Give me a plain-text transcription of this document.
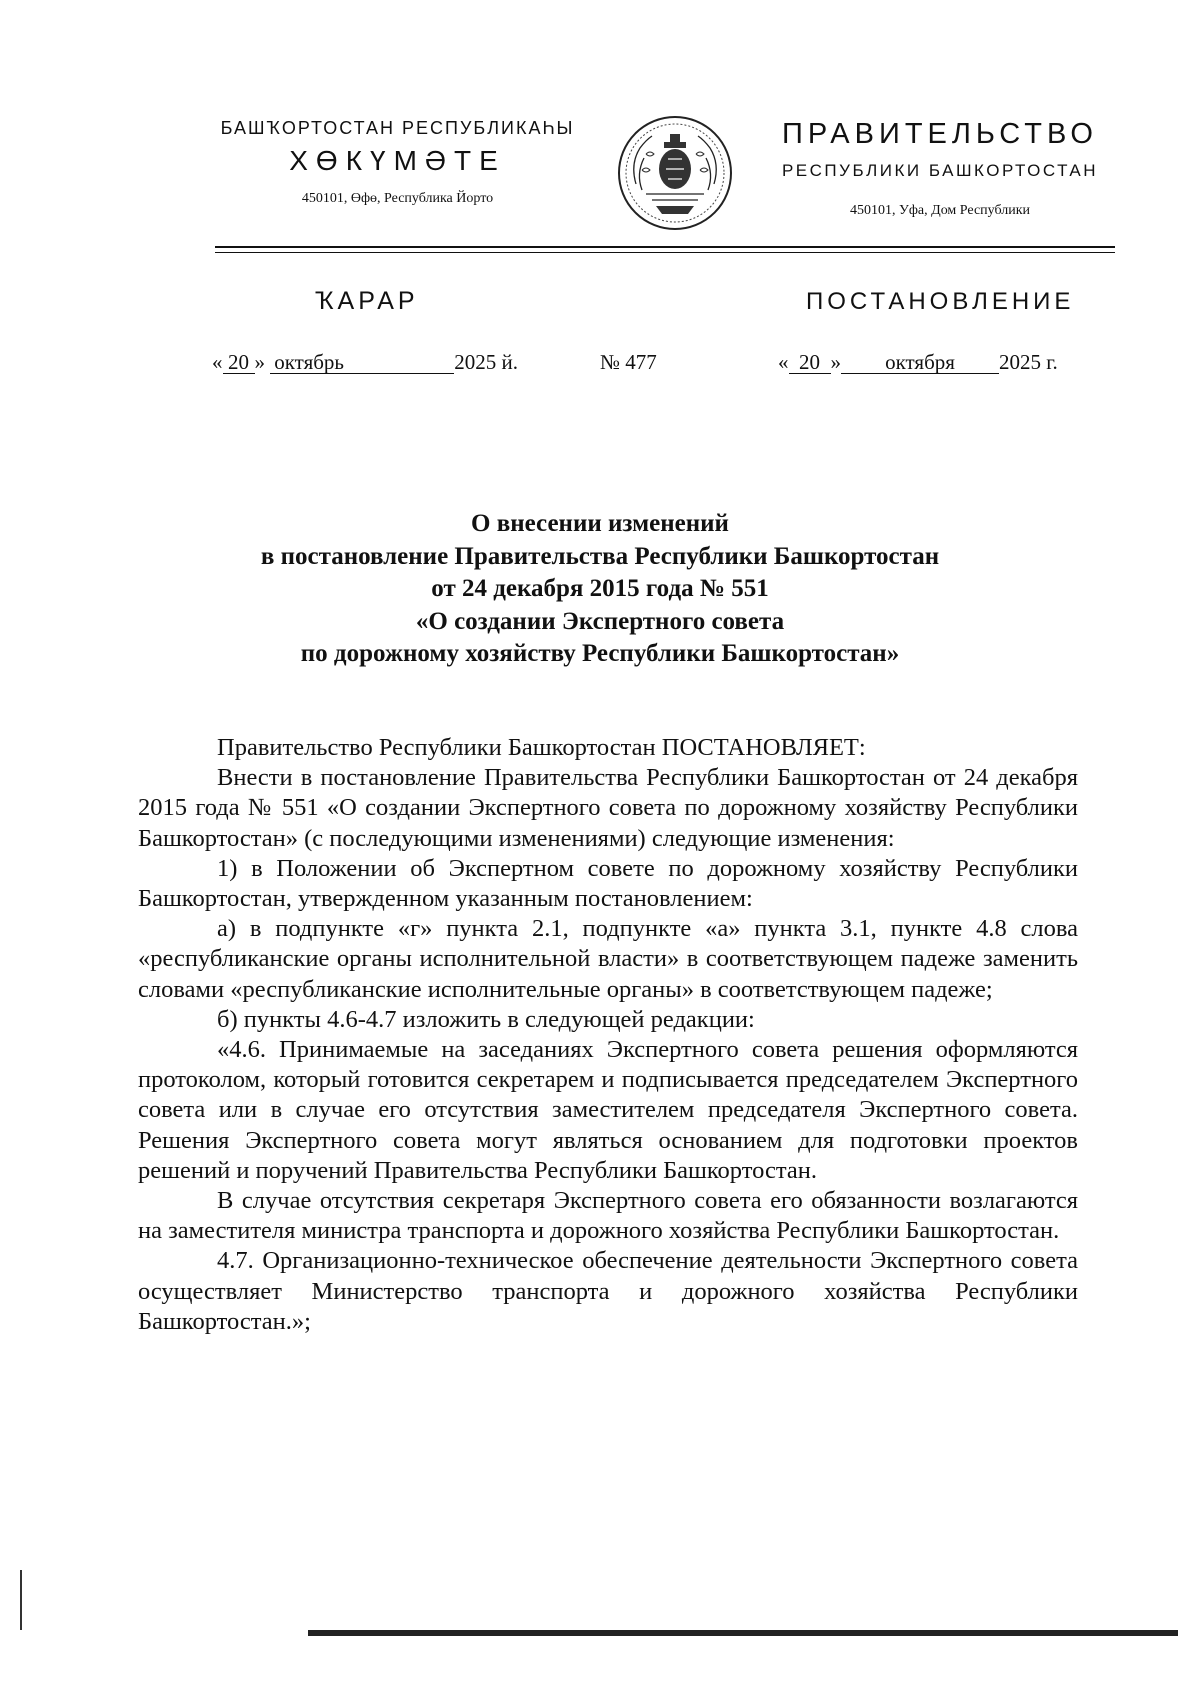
БАШҠОРТОСТАН РЕСПУБЛИКАҺЫ
ХӨКҮМӘТЕ
450101, Өфө, Республика Йорто
ПРАВИТЕЛЬСТВО
РЕСПУБЛИКИ БАШКОРТОСТАН
450101, Уфа, Дом Республики
ҠАРАР	ПОСТАНОВЛЕНИЕ
« 20 » октябрь	2025 й.	№ 477	« 20 » октября 2025 г.
О внесении изменений
в постановление Правительства Республики Башкортостан
от 24 декабря 2015 года № 551
«О создании Экспертного совета
по дорожному хозяйству Республики Башкортостан»

Правительство Республики Башкортостан ПОСТАНОВЛЯЕТ:

Внести в постановление Правительства Республики Башкортостан от 24 декабря 2015 года № 551 «О создании Экспертного совета по дорожному хозяйству Республики Башкортостан» (с последующими изменениями) следующие изменения:

1) в Положении об Экспертном совете по дорожному хозяйству Республики Башкортостан, утвержденном указанным постановлением:

а) в подпункте «г» пункта 2.1, подпункте «а» пункта 3.1, пункте 4.8 слова «республиканские органы исполнительной власти» в соответствующем падеже заменить словами «республиканские исполнительные органы» в соответствующем падеже;

б) пункты 4.6-4.7 изложить в следующей редакции:

«4.6. Принимаемые на заседаниях Экспертного совета решения оформляются протоколом, который готовится секретарем и подписывается председателем Экспертного совета или в случае его отсутствия заместителем председателя Экспертного совета. Решения Экспертного совета могут являться основанием для подготовки проектов решений и поручений Правительства Республики Башкортостан.

В случае отсутствия секретаря Экспертного совета его обязанности возлагаются на заместителя министра транспорта и дорожного хозяйства Республики Башкортостан.

4.7. Организационно-техническое обеспечение деятельности Экспертного совета осуществляет Министерство транспорта и дорожного хозяйства Республики Башкортостан.»;
